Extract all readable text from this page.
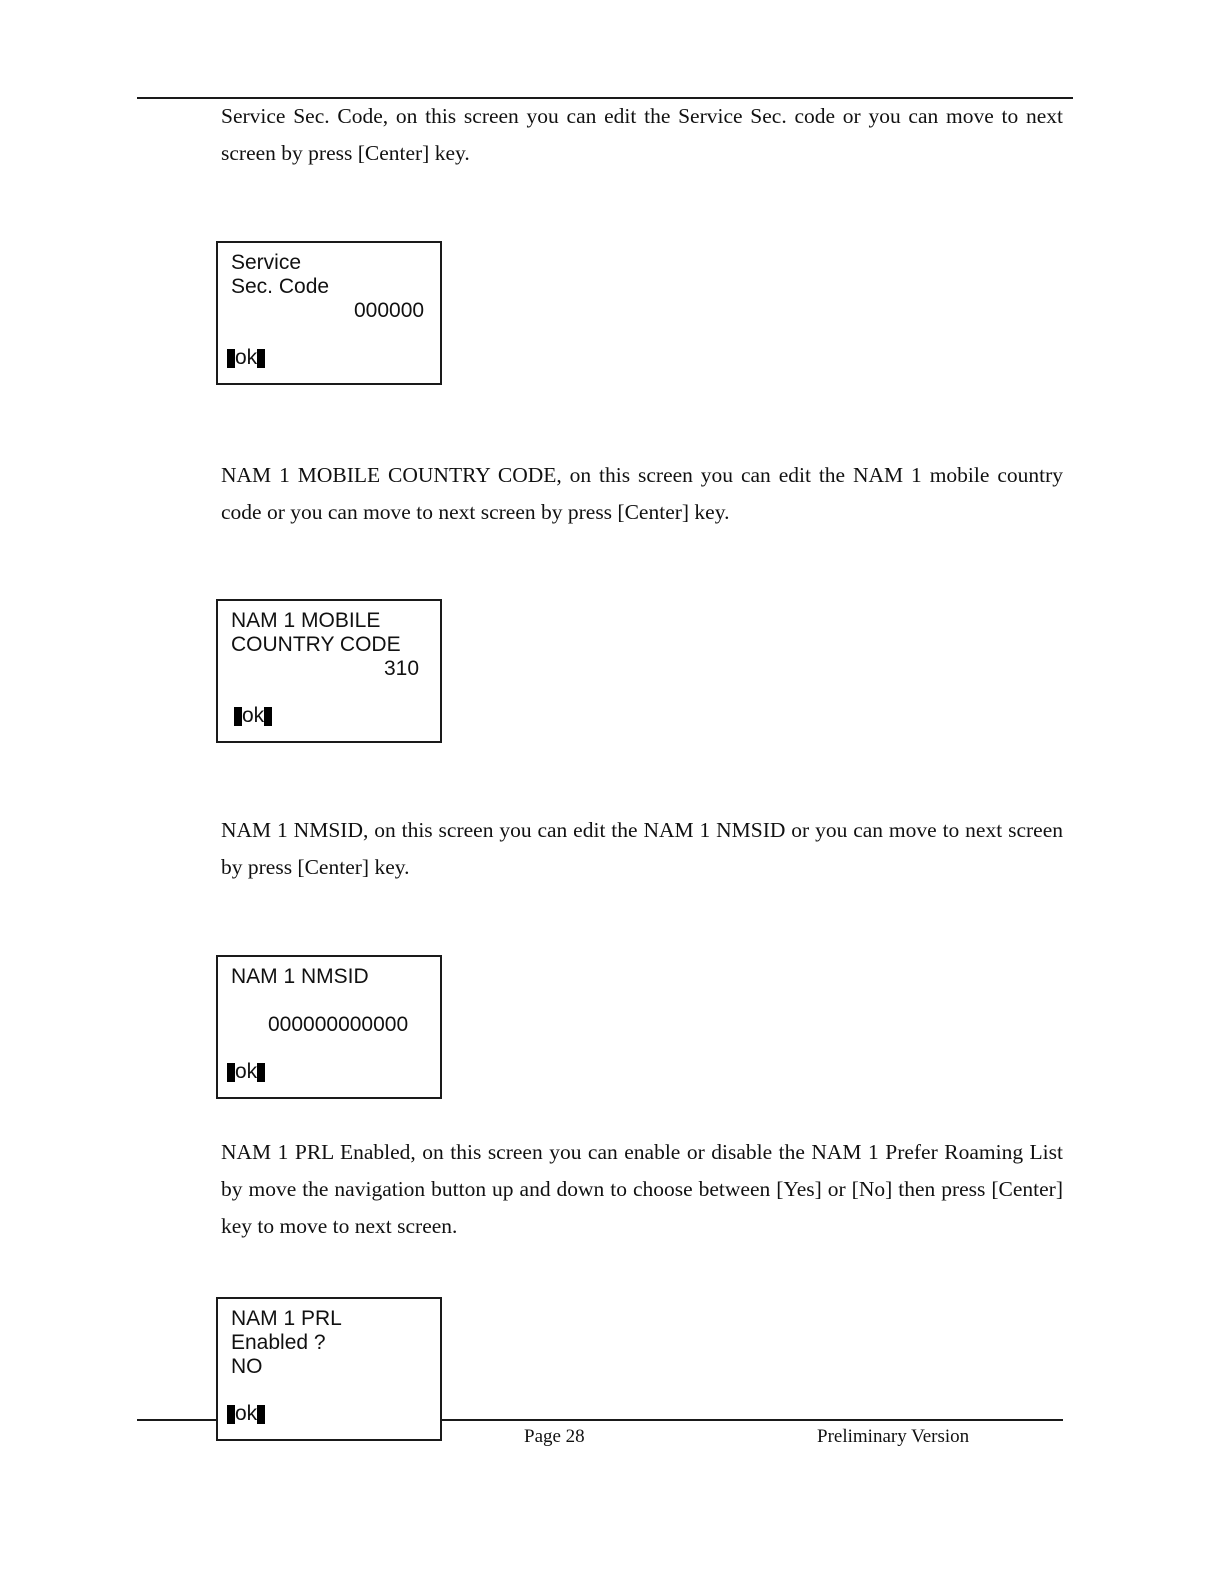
Service Sec. Code, on this screen you can edit the Service Sec. code or you can move to next screen by press [Center] key.

Service
Sec. Code
000000
ok

NAM 1 MOBILE COUNTRY CODE, on this screen you can edit the NAM 1 mobile country code or you can move to next screen by press [Center] key.

NAM 1 MOBILE
COUNTRY CODE
310
ok

NAM 1 NMSID, on this screen you can edit the NAM 1 NMSID or you can move to next screen by press [Center] key.

NAM 1 NMSID
000000000000
ok

NAM 1 PRL Enabled, on this screen you can enable or disable the NAM 1 Prefer Roaming List by move the navigation button up and down to choose between [Yes] or [No] then press [Center] key to move to next screen.

NAM 1 PRL
Enabled ?
NO
ok
Page 28	Preliminary Version
